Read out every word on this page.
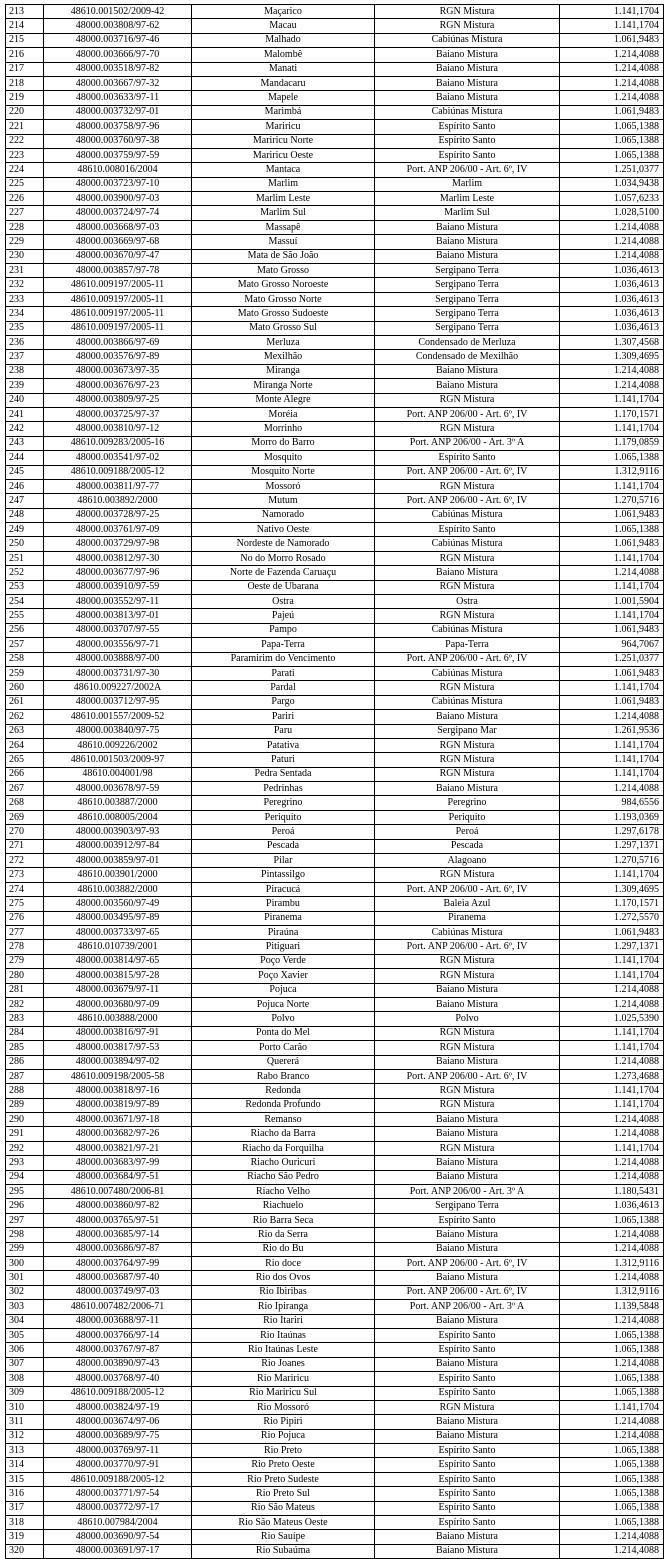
213	48610.001502/2009-42	Maçarico	RGN Mistura	1.141,1704
214	48000.003808/97-62	Macau	RGN Mistura	1.141,1704
215	48000.003716/97-46	Malhado	Cabiúnas Mistura	1.061,9483
216	48000.003666/97-70	Malombê	Baiano Mistura	1.214,4088
217	48000.003518/97-82	Manati	Baiano Mistura	1.214,4088
218	48000.003667/97-32	Mandacaru	Baiano Mistura	1.214,4088
219	48000.003633/97-11	Mapele	Baiano Mistura	1.214,4088
220	48000.003732/97-01	Marimbá	Cabiúnas Mistura	1.061,9483
221	48000.003758/97-96	Mariricu	Espírito Santo	1.065,1388
222	48000.003760/97-38	Mariricu Norte	Espírito Santo	1.065,1388
223	48000.003759/97-59	Mariricu Oeste	Espírito Santo	1.065,1388
224	48610.008016/2004	Mantaca	Port. ANP 206/00 - Art. 6º, IV	1.251,0377
225	48000.003723/97-10	Marlim	Marlim	1.034,9438
226	48000.003900/97-03	Marlim Leste	Marlim Leste	1.057,6233
227	48000.003724/97-74	Marlim Sul	Marlim Sul	1.028,5100
228	48000.003668/97-03	Massapê	Baiano Mistura	1.214,4088
229	48000.003669/97-68	Massuí	Baiano Mistura	1.214,4088
230	48000.003670/97-47	Mata de São João	Baiano Mistura	1.214,4088
231	48000.003857/97-78	Mato Grosso	Sergipano Terra	1.036,4613
232	48610.009197/2005-11	Mato Grosso Noroeste	Sergipano Terra	1.036,4613
233	48610.009197/2005-11	Mato Grosso Norte	Sergipano Terra	1.036,4613
234	48610.009197/2005-11	Mato Grosso Sudoeste	Sergipano Terra	1.036,4613
235	48610.009197/2005-11	Mato Grosso Sul	Sergipano Terra	1.036,4613
236	48000.003866/97-69	Merluza	Condensado de Merluza	1.307,4568
237	48000.003576/97-89	Mexilhão	Condensado de Mexilhão	1.309,4695
238	48000.003673/97-35	Miranga	Baiano Mistura	1.214,4088
239	48000.003676/97-23	Miranga Norte	Baiano Mistura	1.214,4088
240	48000.003809/97-25	Monte Alegre	RGN Mistura	1.141,1704
241	48000.003725/97-37	Moréia	Port. ANP 206/00 - Art. 6º, IV	1.170,1571
242	48000.003810/97-12	Morrinho	RGN Mistura	1.141,1704
243	48610.009283/2005-16	Morro do Barro	Port. ANP 206/00 - Art. 3º A	1.179,0859
244	48000.003541/97-02	Mosquito	Espírito Santo	1.065,1388
245	48610.009188/2005-12	Mosquito Norte	Port. ANP 206/00 - Art. 6º, IV	1.312,9116
246	48000.003811/97-77	Mossoró	RGN Mistura	1.141,1704
247	48610.003892/2000	Mutum	Port. ANP 206/00 - Art. 6º, IV	1.270,5716
248	48000.003728/97-25	Namorado	Cabiúnas Mistura	1.061,9483
249	48000.003761/97-09	Nativo Oeste	Espírito Santo	1.065,1388
250	48000.003729/97-98	Nordeste de Namorado	Cabiúnas Mistura	1.061,9483
251	48000.003812/97-30	No do Morro Rosado	RGN Mistura	1.141,1704
252	48000.003677/97-96	Norte de Fazenda Caruaçu	Baiano Mistura	1.214,4088
253	48000.003910/97-59	Oeste de Ubarana	RGN Mistura	1.141,1704
254	48000.003552/97-11	Ostra	Ostra	1.001,5904
255	48000.003813/97-01	Pajeú	RGN Mistura	1.141,1704
256	48000.003707/97-55	Pampo	Cabiúnas Mistura	1.061,9483
257	48000.003556/97-71	Papa-Terra	Papa-Terra	964,7067
258	48000.003888/97-00	Paramirim do Vencimento	Port. ANP 206/00 - Art. 6º, IV	1.251,0377
259	48000.003731/97-30	Parati	Cabiúnas Mistura	1.061,9483
260	48610.009227/2002A	Pardal	RGN Mistura	1.141,1704
261	48000.003712/97-95	Pargo	Cabiúnas Mistura	1.061,9483
262	48610.001557/2009-52	Pariri	Baiano Mistura	1.214,4088
263	48000.003840/97-75	Paru	Sergipano Mar	1.261,9536
264	48610.009226/2002	Patativa	RGN Mistura	1.141,1704
265	48610.001503/2009-97	Paturi	RGN Mistura	1.141,1704
266	48610.004001/98	Pedra Sentada	RGN Mistura	1.141,1704
267	48000.003678/97-59	Pedrinhas	Baiano Mistura	1.214,4088
268	48610.003887/2000	Peregrino	Peregrino	984,6556
269	48610.008005/2004	Periquito	Periquito	1.193,0369
270	48000.003903/97-93	Peroá	Peroá	1.297,6178
271	48000.003912/97-84	Pescada	Pescada	1.297,1371
272	48000.003859/97-01	Pilar	Alagoano	1.270,5716
273	48610.003901/2000	Pintassilgo	RGN Mistura	1.141,1704
274	48610.003882/2000	Piracucá	Port. ANP 206/00 - Art. 6º, IV	1.309,4695
275	48000.003560/97-49	Pirambu	Baleia Azul	1.170,1571
276	48000.003495/97-89	Piranema	Piranema	1.272,5570
277	48000.003733/97-65	Piraúna	Cabiúnas Mistura	1.061,9483
278	48610.010739/2001	Pitiguari	Port. ANP 206/00 - Art. 6º, IV	1.297,1371
279	48000.003814/97-65	Poço Verde	RGN Mistura	1.141,1704
280	48000.003815/97-28	Poço Xavier	RGN Mistura	1.141,1704
281	48000.003679/97-11	Pojuca	Baiano Mistura	1.214,4088
282	48000.003680/97-09	Pojuca Norte	Baiano Mistura	1.214,4088
283	48610.003888/2000	Polvo	Polvo	1.025,5390
284	48000.003816/97-91	Ponta do Mel	RGN Mistura	1.141,1704
285	48000.003817/97-53	Porto Carão	RGN Mistura	1.141,1704
286	48000.003894/97-02	Quererá	Baiano Mistura	1.214,4088
287	48610.009198/2005-58	Rabo Branco	Port. ANP 206/00 - Art. 6º, IV	1.273,4688
288	48000.003818/97-16	Redonda	RGN Mistura	1.141,1704
289	48000.003819/97-89	Redonda Profundo	RGN Mistura	1.141,1704
290	48000.003671/97-18	Remanso	Baiano Mistura	1.214,4088
291	48000.003682/97-26	Riacho da Barra	Baiano Mistura	1.214,4088
292	48000.003821/97-21	Riacho da Forquilha	RGN Mistura	1.141,1704
293	48000.003683/97-99	Riacho Ouricuri	Baiano Mistura	1.214,4088
294	48000.003684/97-51	Riacho São Pedro	Baiano Mistura	1.214,4088
295	48610.007480/2006-81	Riacho Velho	Port. ANP 206/00 - Art. 3º A	1.180,5431
296	48000.003860/97-82	Riachuelo	Sergipano Terra	1.036,4613
297	48000.003765/97-51	Rio Barra Seca	Espírito Santo	1.065,1388
298	48000.003685/97-14	Rio da Serra	Baiano Mistura	1.214,4088
299	48000.003686/97-87	Rio do Bu	Baiano Mistura	1.214,4088
300	48000.003764/97-99	Rio doce	Port. ANP 206/00 - Art. 6º, IV	1.312,9116
301	48000.003687/97-40	Rio dos Ovos	Baiano Mistura	1.214,4088
302	48000.003749/97-03	Rio Ibiribas	Port. ANP 206/00 - Art. 6º, IV	1.312,9116
303	48610.007482/2006-71	Rio Ipiranga	Port. ANP 206/00 - Art. 3º A	1.139,5848
304	48000.003688/97-11	Rio Itariri	Baiano Mistura	1.214,4088
305	48000.003766/97-14	Rio Itaúnas	Espírito Santo	1.065,1388
306	48000.003767/97-87	Rio Itaúnas Leste	Espírito Santo	1.065,1388
307	48000.003890/97-43	Rio Joanes	Baiano Mistura	1.214,4088
308	48000.003768/97-40	Rio Mariricu	Espírito Santo	1.065,1388
309	48610.009188/2005-12	Rio Mariricu Sul	Espírito Santo	1.065,1388
310	48000.003824/97-19	Rio Mossoró	RGN Mistura	1.141,1704
311	48000.003674/97-06	Rio Pipiri	Baiano Mistura	1.214,4088
312	48000.003689/97-75	Rio Pojuca	Baiano Mistura	1.214,4088
313	48000.003769/97-11	Rio Preto	Espírito Santo	1.065,1388
314	48000.003770/97-91	Rio Preto Oeste	Espírito Santo	1.065,1388
315	48610.009188/2005-12	Rio Preto Sudeste	Espírito Santo	1.065,1388
316	48000.003771/97-54	Rio Preto Sul	Espírito Santo	1.065,1388
317	48000.003772/97-17	Rio São Mateus	Espírito Santo	1.065,1388
318	48610.007984/2004	Rio São Mateus Oeste	Espírito Santo	1.065,1388
319	48000.003690/97-54	Rio Sauípe	Baiano Mistura	1.214,4088
320	48000.003691/97-17	Rio Subaúma	Baiano Mistura	1.214,4088
